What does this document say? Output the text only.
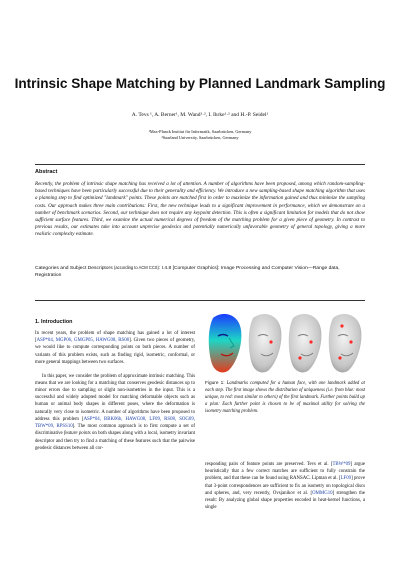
Intrinsic Shape Matching by Planned Landmark Sampling
A. Tevs ¹, A. Berner¹, M. Wand¹·², I. Ihrke¹·² and H.-P. Seidel¹
¹Max-Planck Institut für Informatik, Saarbrücken, Germany
²Saarland University, Saarbrücken, Germany
Abstract
Recently, the problem of intrinsic shape matching has received a lot of attention. A number of algorithms have been proposed, among which random-sampling-based techniques have been particularly successful due to their generality and efficiency. We introduce a new sampling-based shape matching algorithm that uses a planning step to find optimized "landmark" points. These points are matched first in order to maximize the information gained and thus minimize the sampling costs. Our approach makes three main contributions: First, the new technique leads to a significant improvement in performance, which we demonstrate on a number of benchmark scenarios. Second, our technique does not require any keypoint detection. This is often a significant limitation for models that do not show sufficient surface features. Third, we examine the actual numerical degrees of freedom of the matching problem for a given piece of geometry. In contrast to previous results, our estimates take into account unprecise geodesics and potentially numerically unfavorable geometry of general topology, giving a more realistic complexity estimate.
Categories and Subject Descriptors (according to ACM CCS): I.4.8 [Computer Graphics]: Image Processing and Computer Vision—Range data, Registration
1. Introduction

In recent years, the problem of shape matching has gained a lot of interest [ASP*04, MGP06, GMGP05, HAWG08, RS08]. Given two pieces of geometry, we would like to compute corresponding points on both pieces. A number of variants of this problem exists, such as finding rigid, isometric, conformal, or more general mappings between two surfaces.

In this paper, we consider the problem of approximate intrinsic matching. This means that we are looking for a matching that conserves geodesic distances up to minor errors due to sampling or slight non-isometries in the input. This is a successful and widely adopted model for matching deformable objects such as human or animal body shapes in different poses, where the deformation is naturally very close to isometric. A number of algorithms have been proposed to address this problem [ASP*04, BBK06b, HAWG08, LF09, RS08, SOG09, TBW*09, RPSS10]. The most common approach is to first compute a set of discriminative feature points on both shapes along with a local, isometry invariant descriptor and then try to find a matching of these features such that the pairwise geodesic distances between all cor-

responding pairs of feature points are preserved. Tevs et al. [TBW*09] argue heuristically that a few correct matches are sufficient to fully constrain the problem, and that these can be found using RANSAC. Lipman et al. [LF09] prove that 3-point correspondences are sufficient to fix an isometry on topological discs and spheres, and, very recently, Ovsjanikov et al. [OMMG10] strengthen the result: By analyzing global shape properties encoded in heat-kernel functions, a single

Figure 1: Landmarks computed for a human face, with one landmark added at each step. The first image shows the distribution of uniqueness (i.e. from blue: most unique, to red: most similar to others) of the first landmark. Further points build up a plan: Each further point is chosen to be of maximal utility for solving the isometry matching problem.
